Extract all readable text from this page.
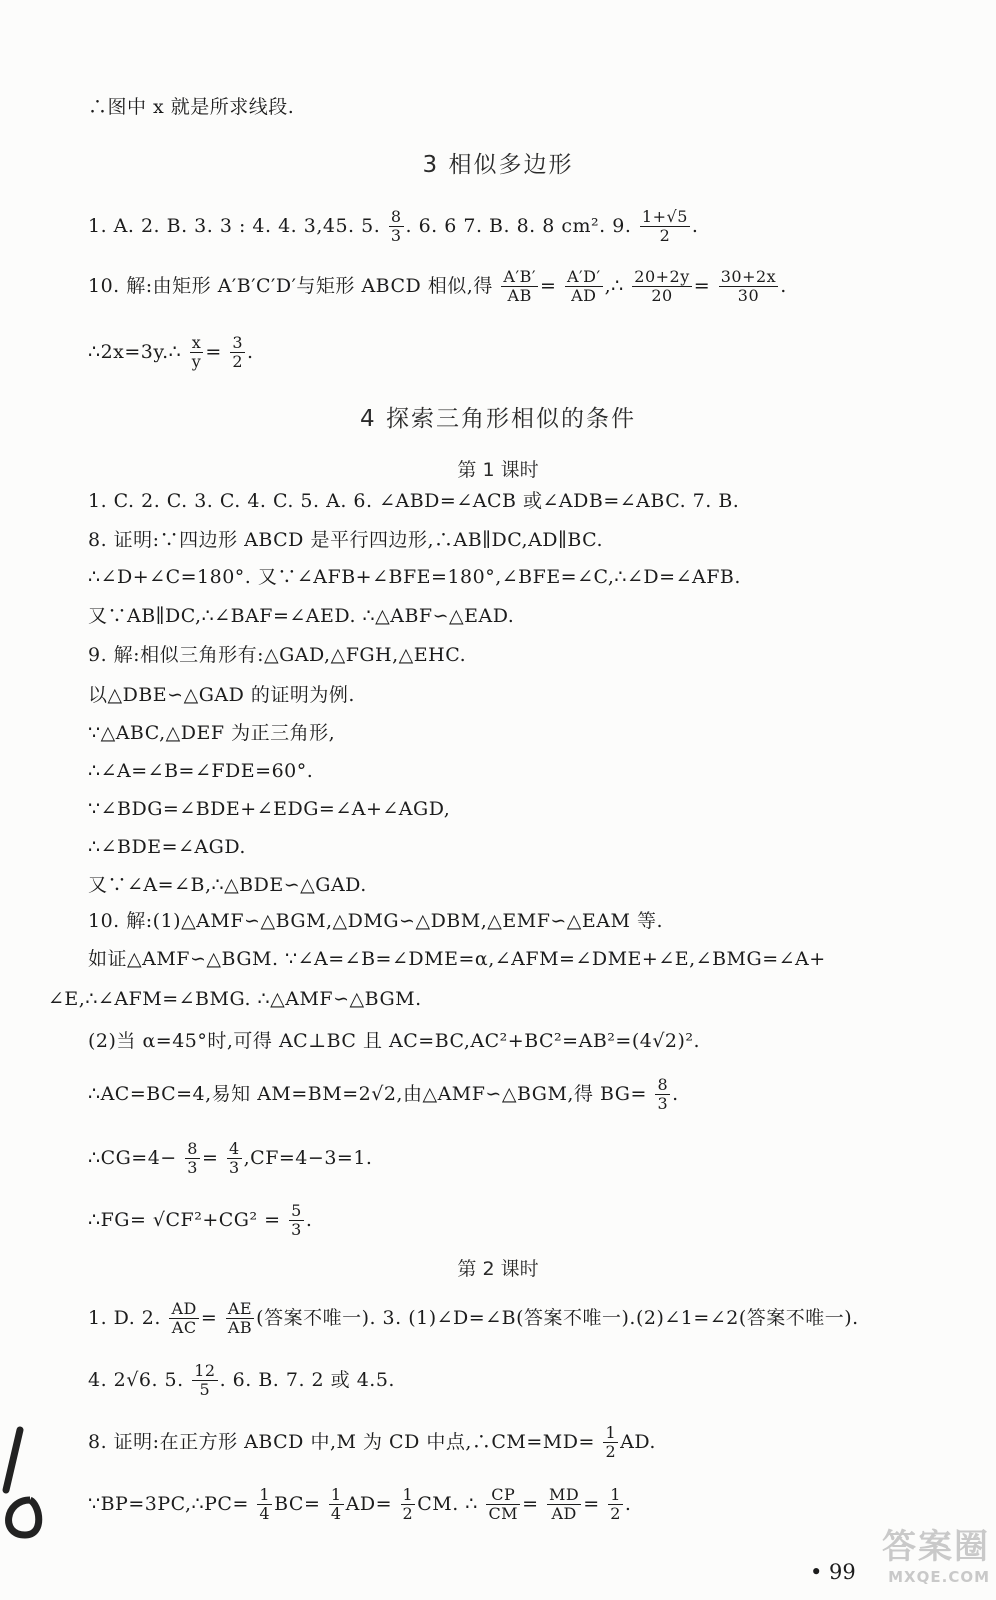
∴图中 x 就是所求线段.
3 相似多边形
1. A. 2. B. 3. 3 : 4. 4. 3,45. 5. $\frac{8}{3}$ . 6. 6 7. B. 8. 8 cm². 9. $\frac{1+√5}{2}$ .
10. 解:由矩形 A′B′C′D′与矩形 ABCD 相似,得 $\frac{A'B'}{AB} = \frac{A'D'}{AD}$ ,∴ $\frac{20+2y}{20} = \frac{30+2x}{30}$ .
∴2x=3y.∴ $\frac{x}{y} = \frac{3}{2}$ .
4 探索三角形相似的条件
第 1 课时
1. C. 2. C. 3. C. 4. C. 5. A. 6. ∠ABD=∠ACB 或∠ADB=∠ABC. 7. B.
8. 证明:∵四边形 ABCD 是平行四边形,∴AB∥DC,AD∥BC.
∴∠D+∠C=180°. 又∵∠AFB+∠BFE=180°,∠BFE=∠C,∴∠D=∠AFB.
又∵AB∥DC,∴∠BAF=∠AED. ∴△ABF∽△EAD.
9. 解:相似三角形有:△GAD,△FGH,△EHC.
以△DBE∽△GAD 的证明为例.
∵△ABC,△DEF 为正三角形,
∴∠A=∠B=∠FDE=60°.
∵∠BDG=∠BDE+∠EDG=∠A+∠AGD,
∴∠BDE=∠AGD.
又∵∠A=∠B,∴△BDE∽△GAD.
10. 解:(1)△AMF∽△BGM,△DMG∽△DBM,△EMF∽△EAM 等.
如证△AMF∽△BGM. ∵∠A=∠B=∠DME=α,∠AFM=∠DME+∠E,∠BMG=∠A+
∠E,∴∠AFM=∠BMG. ∴△AMF∽△BGM.
(2)当 α=45°时,可得 AC⊥BC 且 AC=BC,AC²+BC²=AB²=(4√2)².
∴AC=BC=4,易知 AM=BM=2√2,由△AMF∽△BGM,得 $BG= \frac{8}{3}$ .
∴CG=4− $\frac{8}{3} = \frac{4}{3} ,CF=4-3=1$.
∴FG= $√CF^2+CG^2 = \frac{5}{3}$ .
第 2 课时
1. D. 2. $\frac{AD}{AC} = \frac{AE}{AB}$ (答案不唯一). 3. (1)∠D=∠B(答案不唯一).(2)∠1=∠2(答案不唯一).
4. 2√6. 5. $\frac{12}{5}$ . 6. B. 7. 2 或 4.5.
8. 证明:在正方形 ABCD 中,M 为 CD 中点,∴CM=MD= $\frac{1}{2}$ AD.
∵BP=3PC,∴PC= $\frac{1}{4} BC= \frac{1}{4} AD= \frac{1}{2}$ CM. ∴ $\frac{CP}{CM} = \frac{MD}{AD} = \frac{1}{2}$ .
• 99
答案圈
MXQE.COM
